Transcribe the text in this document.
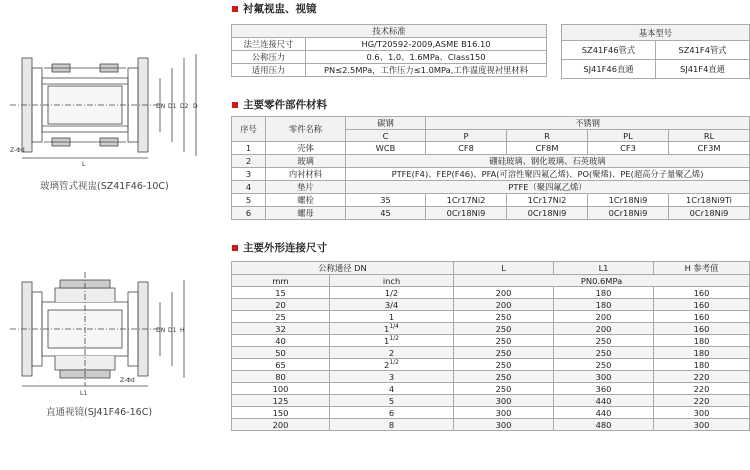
DN D1 D2 D
L
Z-Φd
玻璃管式视盅(SZ41F46-10C)
DN D1 H
L1
Z-Φd
直通视镜(SJ41F46-16C)
衬氟视盅、视镜
技术标准	
法兰连接尺寸	HG/T20592-2009,ASME B16.10
公称压力	0.6、1.0、1.6MPa、Class150
适用压力	PN≤2.5MPa，工作压力≤1.0MPa,工作温度视衬里材料
基本型号	
SZ41F46管式	SZ41F4管式
SJ41F46直通	SJ41F4直通
主要零件部件材料
序号	零件名称	碳钢	不锈钢			
		C	P	R	PL	RL
1	壳体	WCB	CF8	CF8M	CF3	CF3M
2	玻璃	硼硅玻璃、钢化玻璃、石英玻璃				
3	内衬材料	PTFE(F4)、FEP(F46)、PFA(可溶性聚四氟乙烯)、PO(聚烯)、PE(超高分子量聚乙烯)				
4	垫片	PTFE（聚四氟乙烯）				
5	螺栓	35	1Cr17Ni2	1Cr17Ni2	1Cr18Ni9	1Cr18Ni9Ti
6	螺母	45	0Cr18Ni9	0Cr18Ni9	0Cr18Ni9	0Cr18Ni9
主要外形连接尺寸
公称通径 DN		L	L1	H 参考值
mm	inch	PN0.6MPa		
15	1/2	200	180	160
20	3/4	200	180	160
25	1	250	200	160
32	$1^{1/4}$	250	200	160
40	$1^{1/2}$	250	250	180
50	2	250	250	180
65	$2^{1/2}$	250	250	180
80	3	250	300	220
100	4	250	360	220
125	5	300	440	220
150	6	300	440	300
200	8	300	480	300
